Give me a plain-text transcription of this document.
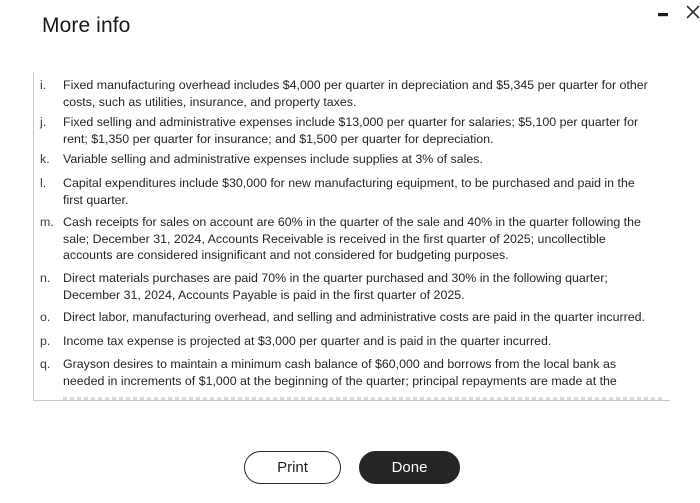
More info
i.	Fixed manufacturing overhead includes $4,000 per quarter in depreciation and $5,345 per quarter for other costs, such as utilities, insurance, and property taxes.
j.	Fixed selling and administrative expenses include $13,000 per quarter for salaries; $5,100 per quarter for rent; $1,350 per quarter for insurance; and $1,500 per quarter for depreciation.
k.	Variable selling and administrative expenses include supplies at 3% of sales.
l.	Capital expenditures include $30,000 for new manufacturing equipment, to be purchased and paid in the first quarter.
m. Cash receipts for sales on account are 60% in the quarter of the sale and 40% in the quarter following the sale; December 31, 2024, Accounts Receivable is received in the first quarter of 2025; uncollectible accounts are considered insignificant and not considered for budgeting purposes.
n.	Direct materials purchases are paid 70% in the quarter purchased and 30% in the following quarter; December 31, 2024, Accounts Payable is paid in the first quarter of 2025.
o.	Direct labor, manufacturing overhead, and selling and administrative costs are paid in the quarter incurred.
p.	Income tax expense is projected at $3,000 per quarter and is paid in the quarter incurred.
q.	Grayson desires to maintain a minimum cash balance of $60,000 and borrows from the local bank as needed in increments of $1,000 at the beginning of the quarter; principal repayments are made at the
Print	Done
